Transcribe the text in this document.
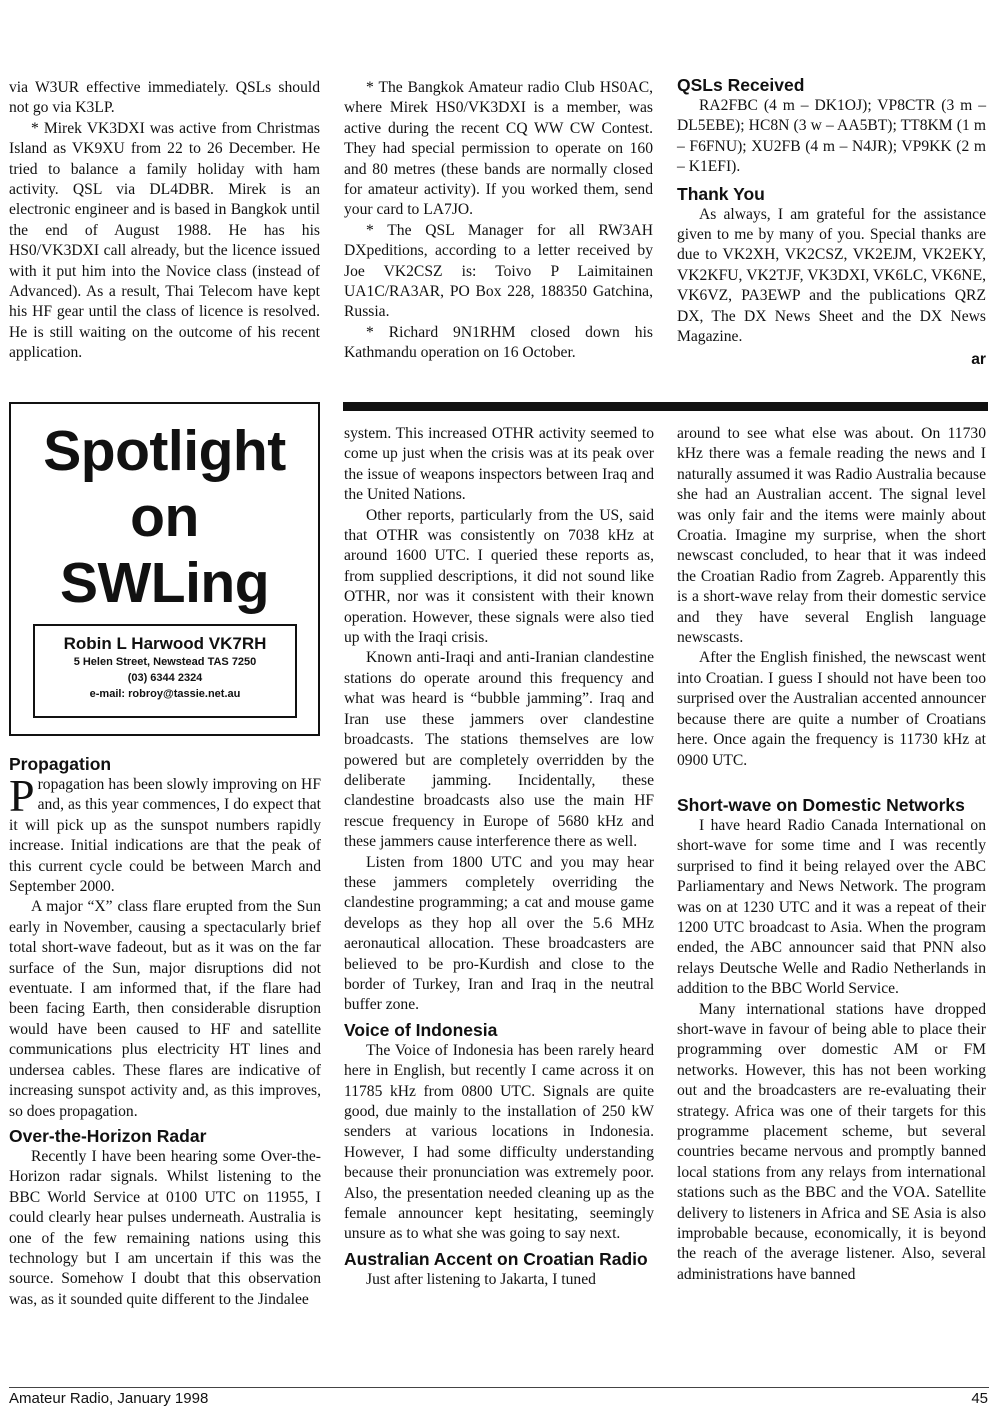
via W3UR effective immediately. QSLs should not go via K3LP.

* Mirek VK3DXI was active from Christmas Island as VK9XU from 22 to 26 December. He tried to balance a family holiday with ham activity. QSL via DL4DBR. Mirek is an electronic engineer and is based in Bangkok until the end of August 1988. He has his HS0/VK3DXI call already, but the licence issued with it put him into the Novice class (instead of Advanced). As a result, Thai Telecom have kept his HF gear until the class of licence is resolved. He is still waiting on the outcome of his recent application.

* The Bangkok Amateur radio Club HS0AC, where Mirek HS0/VK3DXI is a member, was active during the recent CQ WW CW Contest. They had special permission to operate on 160 and 80 metres (these bands are normally closed for amateur activity). If you worked them, send your card to LA7JO.

* The QSL Manager for all RW3AH DXpeditions, according to a letter received by Joe VK2CSZ is: Toivo P Laimitainen UA1C/RA3AR, PO Box 228, 188350 Gatchina, Russia.

* Richard 9N1RHM closed down his Kathmandu operation on 16 October.

QSLs Received

RA2FBC (4 m – DK1OJ); VP8CTR (3 m – DL5EBE); HC8N (3 w – AA5BT); TT8KM (1 m – F6FNU); XU2FB (4 m – N4JR); VP9KK (2 m – K1EFI).

Thank You

As always, I am grateful for the assistance given to me by many of you. Special thanks are due to VK2XH, VK2CSZ, VK2EJM, VK2EKY, VK2KFU, VK2TJF, VK3DXI, VK6LC, VK6NE, VK6VZ, PA3EWP and the publications QRZ DX, The DX News Sheet and the DX News Magazine.

ar

Spotlight
on
SWLing
Robin L Harwood VK7RH
5 Helen Street, Newstead TAS 7250
(03) 6344 2324
e-mail: robroy@tassie.net.au
Propagation

Propagation has been slowly improving on HF and, as this year commences, I do expect that it will pick up as the sunspot numbers rapidly increase. Initial indications are that the peak of this current cycle could be between March and September 2000.

A major “X” class flare erupted from the Sun early in November, causing a spectacularly brief total short-wave fadeout, but as it was on the far surface of the Sun, major disruptions did not eventuate. I am informed that, if the flare had been facing Earth, then considerable disruption would have been caused to HF and satellite communications plus electricity HT lines and undersea cables. These flares are indicative of increasing sunspot activity and, as this improves, so does propagation.

Over-the-Horizon Radar

Recently I have been hearing some Over-the-Horizon radar signals. Whilst listening to the BBC World Service at 0100 UTC on 11955, I could clearly hear pulses underneath. Australia is one of the few remaining nations using this technology but I am uncertain if this was the source. Somehow I doubt that this observation was, as it sounded quite different to the Jindalee

system. This increased OTHR activity seemed to come up just when the crisis was at its peak over the issue of weapons inspectors between Iraq and the United Nations.

Other reports, particularly from the US, said that OTHR was consistently on 7038 kHz at around 1600 UTC. I queried these reports as, from supplied descriptions, it did not sound like OTHR, nor was it consistent with their known operation. However, these signals were also tied up with the Iraqi crisis.

Known anti-Iraqi and anti-Iranian clandestine stations do operate around this frequency and what was heard is “bubble jamming”. Iraq and Iran use these jammers over clandestine broadcasts. The stations themselves are low powered but are completely overridden by the deliberate jamming. Incidentally, these clandestine broadcasts also use the main HF rescue frequency in Europe of 5680 kHz and these jammers cause interference there as well.

Listen from 1800 UTC and you may hear these jammers completely overriding the clandestine programming; a cat and mouse game develops as they hop all over the 5.6 MHz aeronautical allocation. These broadcasters are believed to be pro-Kurdish and close to the border of Turkey, Iran and Iraq in the neutral buffer zone.

Voice of Indonesia

The Voice of Indonesia has been rarely heard here in English, but recently I came across it on 11785 kHz from 0800 UTC. Signals are quite good, due mainly to the installation of 250 kW senders at various locations in Indonesia. However, I had some difficulty understanding because their pronunciation was extremely poor. Also, the presentation needed cleaning up as the female announcer kept hesitating, seemingly unsure as to what she was going to say next.

Australian Accent on Croatian Radio

Just after listening to Jakarta, I tuned

around to see what else was about. On 11730 kHz there was a female reading the news and I naturally assumed it was Radio Australia because she had an Australian accent. The signal level was only fair and the items were mainly about Croatia. Imagine my surprise, when the short newscast concluded, to hear that it was indeed the Croatian Radio from Zagreb. Apparently this is a short-wave relay from their domestic service and they have several English language newscasts.

After the English finished, the newscast went into Croatian. I guess I should not have been too surprised over the Australian accented announcer because there are quite a number of Croatians here. Once again the frequency is 11730 kHz at 0900 UTC.

Short-wave on Domestic Networks

I have heard Radio Canada International on short-wave for some time and I was recently surprised to find it being relayed over the ABC Parliamentary and News Network. The program was on at 1230 UTC and it was a repeat of their 1200 UTC broadcast to Asia. When the program ended, the ABC announcer said that PNN also relays Deutsche Welle and Radio Netherlands in addition to the BBC World Service.

Many international stations have dropped short-wave in favour of being able to place their programming over domestic AM or FM networks. However, this has not been working out and the broadcasters are re-evaluating their strategy. Africa was one of their targets for this programme placement scheme, but several countries became nervous and promptly banned local stations from any relays from international stations such as the BBC and the VOA. Satellite delivery to listeners in Africa and SE Asia is also improbable because, economically, it is beyond the reach of the average listener. Also, several administrations have banned

Amateur Radio, January 1998	45
